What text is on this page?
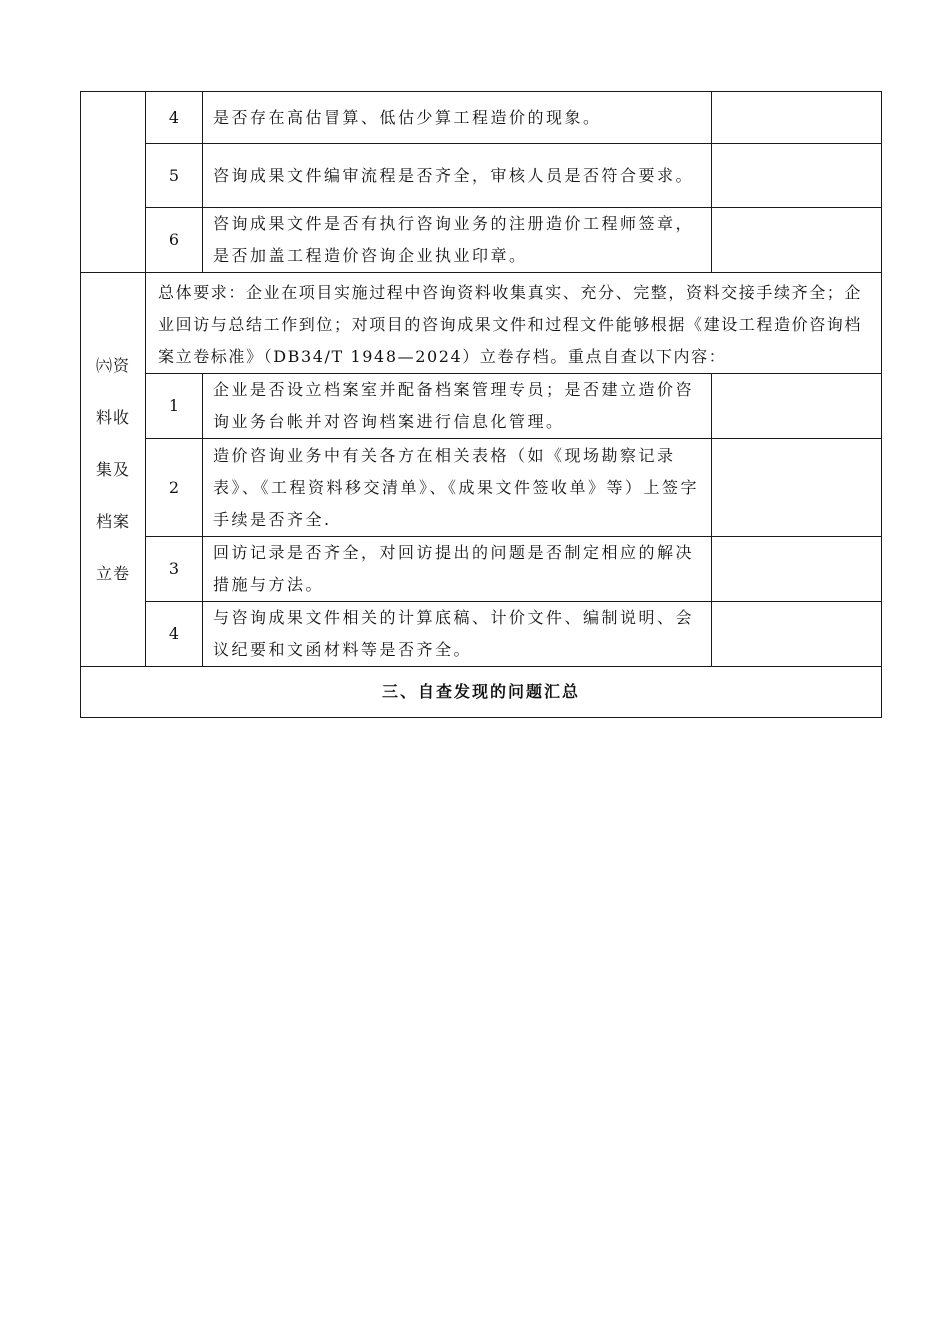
	4	是否存在高估冒算、低估少算工程造价的现象。	
	5	咨询成果文件编审流程是否齐全，审核人员是否符合要求。	
	6	咨询成果文件是否有执行咨询业务的注册造价工程师签章，是否加盖工程造价咨询企业执业印章。	
㈥资料收集及档案立卷	总体要求：企业在项目实施过程中咨询资料收集真实、充分、完整，资料交接手续齐全；企业回访与总结工作到位；对项目的咨询成果文件和过程文件能够根据《建设工程造价咨询档案立卷标准》（DB34/T 1948—2024）立卷存档。重点自查以下内容：		
	1	企业是否设立档案室并配备档案管理专员；是否建立造价咨询业务台帐并对咨询档案进行信息化管理。	
	2	造价咨询业务中有关各方在相关表格（如《现场勘察记录表》、《工程资料移交清单》、《成果文件签收单》等）上签字手续是否齐全.	
	3	回访记录是否齐全，对回访提出的问题是否制定相应的解决措施与方法。	
	4	与咨询成果文件相关的计算底稿、计价文件、编制说明、会议纪要和文函材料等是否齐全。	
三、自查发现的问题汇总			
